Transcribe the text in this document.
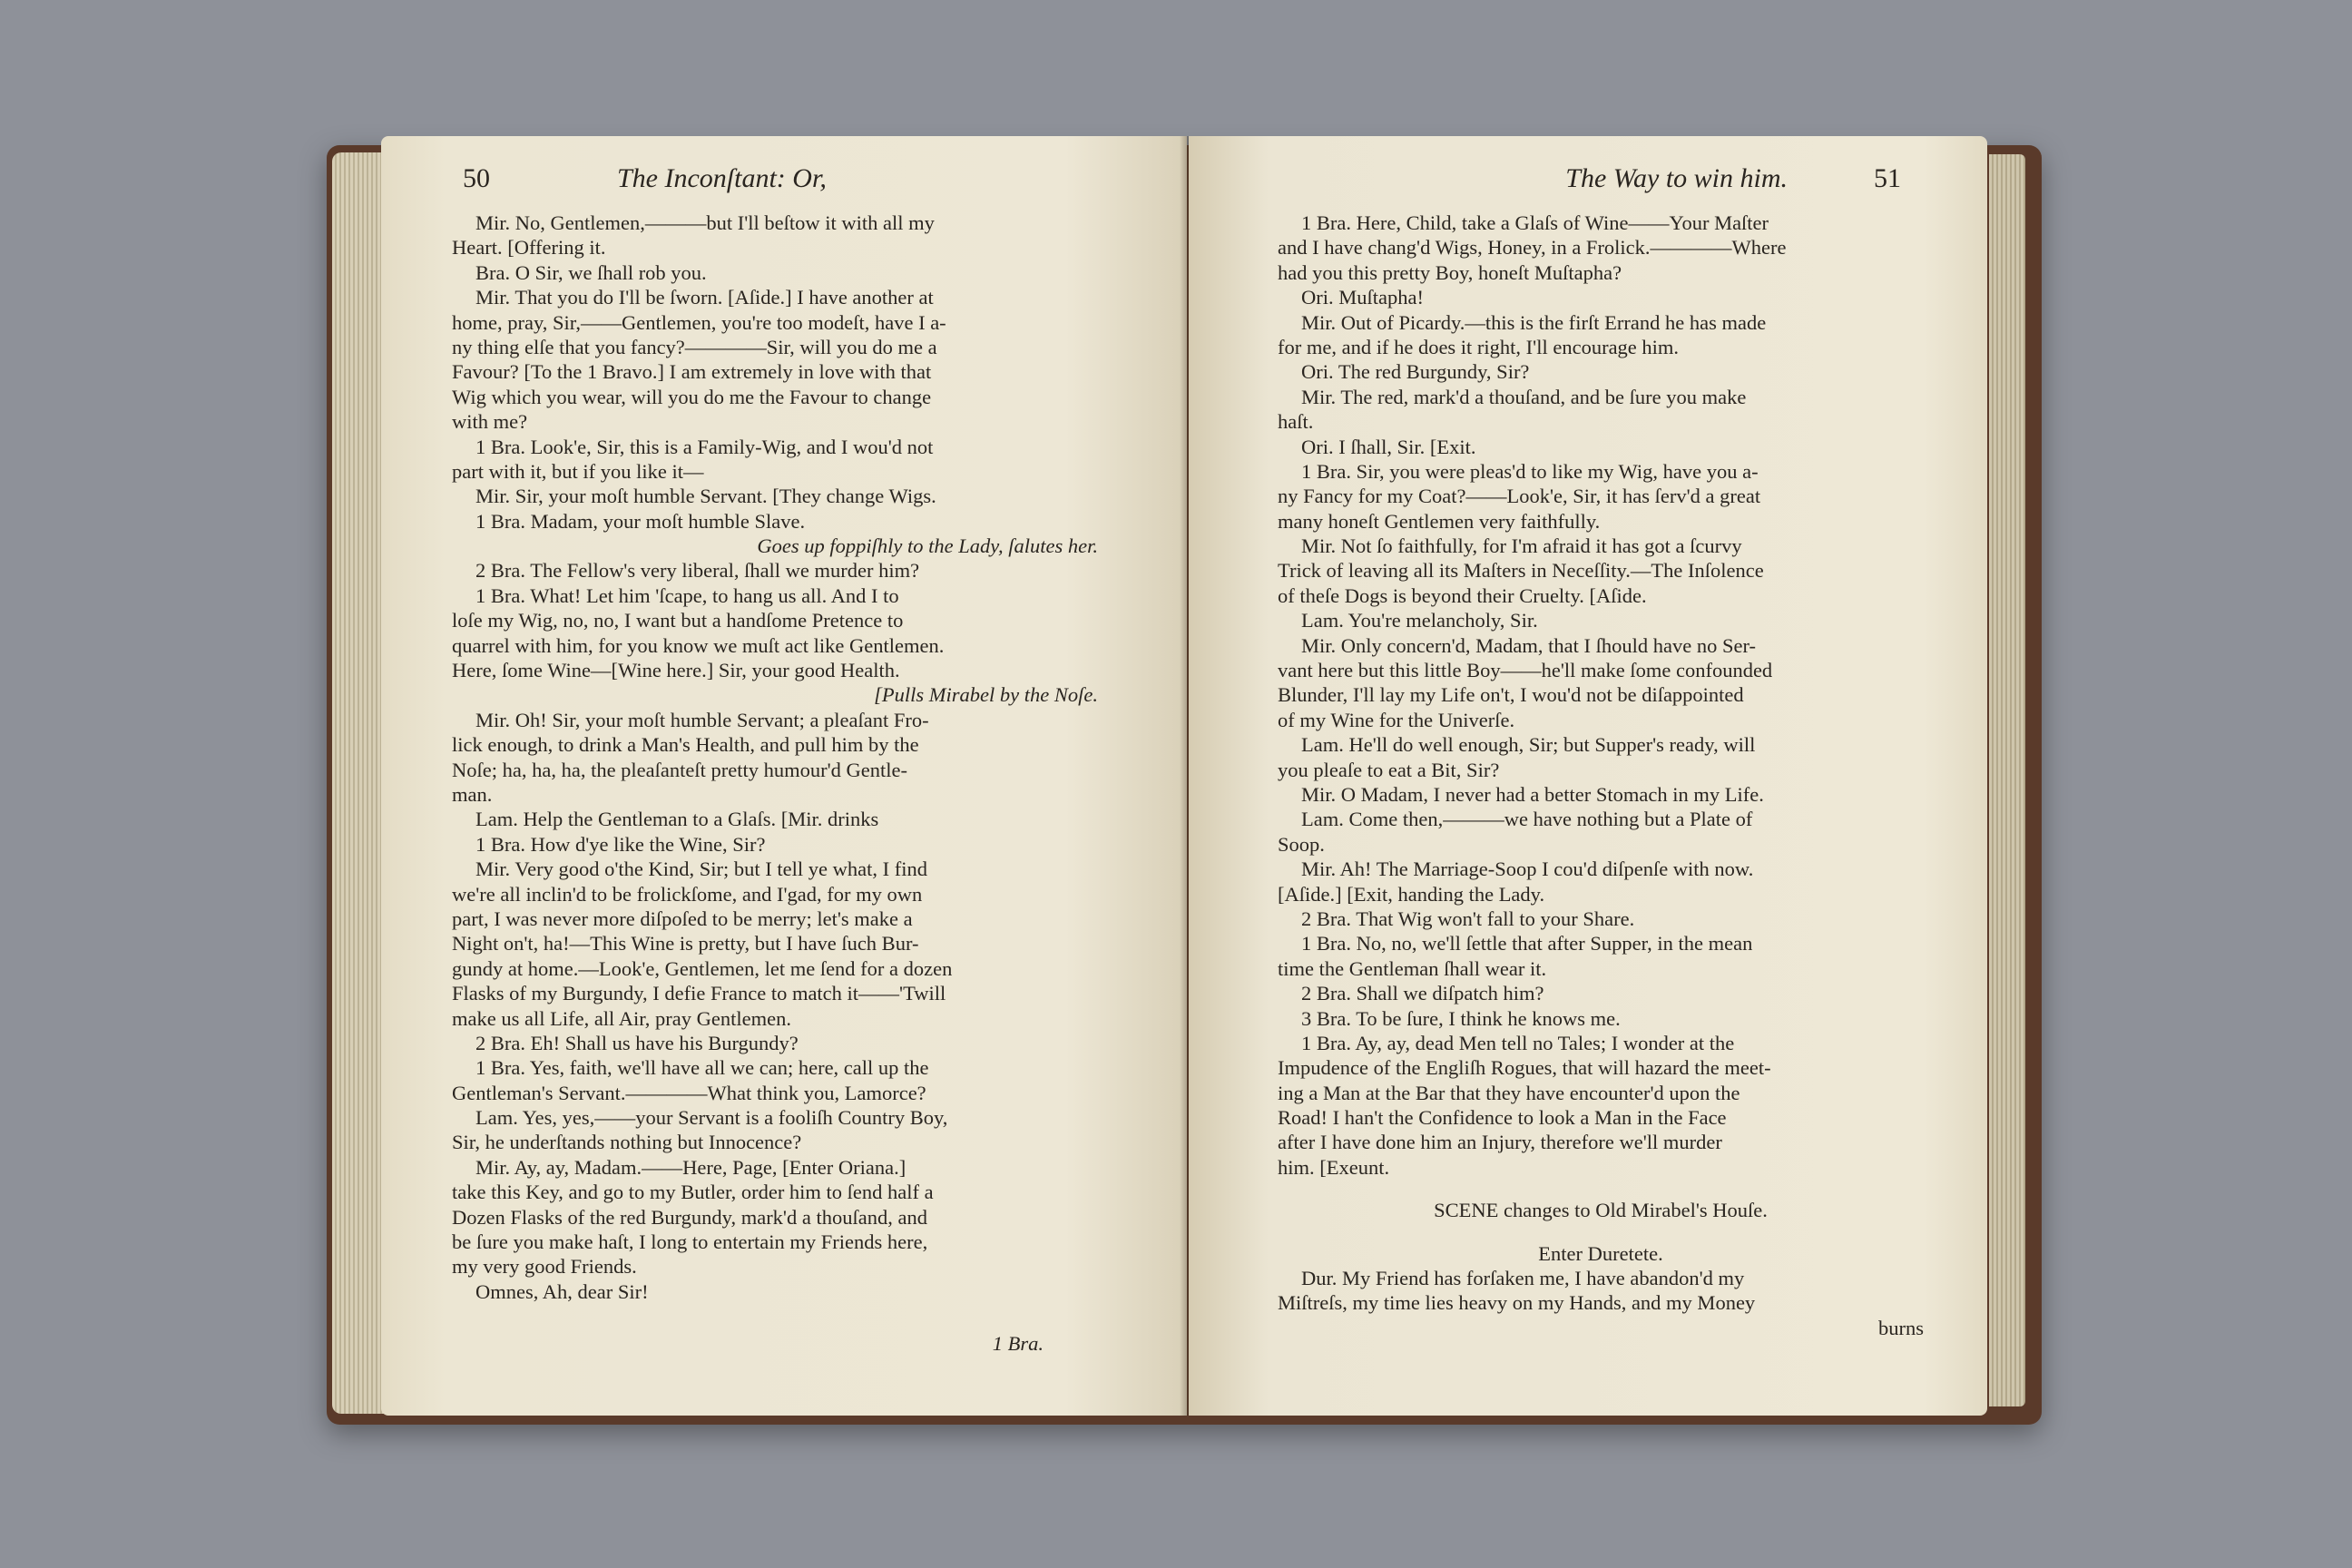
50	The Inconſtant: Or,
Mir. No, Gentlemen,———but I'll beſtow it with all my
Heart. [Offering it.
Bra. O Sir, we ſhall rob you.
Mir. That you do I'll be ſworn. [Aſide.] I have another at
home, pray, Sir,——Gentlemen, you're too modeſt, have I a-
ny thing elſe that you fancy?————Sir, will you do me a
Favour? [To the 1 Bravo.] I am extremely in love with that
Wig which you wear, will you do me the Favour to change
with me?
1 Bra. Look'e, Sir, this is a Family-Wig, and I wou'd not
part with it, but if you like it—
Mir. Sir, your moſt humble Servant. [They change Wigs.
1 Bra. Madam, your moſt humble Slave.
Goes up foppiſhly to the Lady, ſalutes her.
2 Bra. The Fellow's very liberal, ſhall we murder him?
1 Bra. What! Let him 'ſcape, to hang us all. And I to
loſe my Wig, no, no, I want but a handſome Pretence to
quarrel with him, for you know we muſt act like Gentlemen.
Here, ſome Wine—[Wine here.] Sir, your good Health.
[Pulls Mirabel by the Noſe.
Mir. Oh! Sir, your moſt humble Servant; a pleaſant Fro-
lick enough, to drink a Man's Health, and pull him by the
Noſe; ha, ha, ha, the pleaſanteſt pretty humour'd Gentle-
man.
Lam. Help the Gentleman to a Glaſs. [Mir. drinks
1 Bra. How d'ye like the Wine, Sir?
Mir. Very good o'the Kind, Sir; but I tell ye what, I find
we're all inclin'd to be frolickſome, and I'gad, for my own
part, I was never more diſpoſed to be merry; let's make a
Night on't, ha!—This Wine is pretty, but I have ſuch Bur-
gundy at home.—Look'e, Gentlemen, let me ſend for a dozen
Flasks of my Burgundy, I defie France to match it——'Twill
make us all Life, all Air, pray Gentlemen.
2 Bra. Eh! Shall us have his Burgundy?
1 Bra. Yes, faith, we'll have all we can; here, call up the
Gentleman's Servant.————What think you, Lamorce?
Lam. Yes, yes,——your Servant is a fooliſh Country Boy,
Sir, he underſtands nothing but Innocence?
Mir. Ay, ay, Madam.——Here, Page, [Enter Oriana.]
take this Key, and go to my Butler, order him to ſend half a
Dozen Flasks of the red Burgundy, mark'd a thouſand, and
be ſure you make haſt, I long to entertain my Friends here,
my very good Friends.
Omnes, Ah, dear Sir!
1 Bra.
The Way to win him.	51
1 Bra. Here, Child, take a Glaſs of Wine——Your Maſter
and I have chang'd Wigs, Honey, in a Frolick.————Where
had you this pretty Boy, honeſt Muſtapha?
Ori. Muſtapha!
Mir. Out of Picardy.—this is the firſt Errand he has made
for me, and if he does it right, I'll encourage him.
Ori. The red Burgundy, Sir?
Mir. The red, mark'd a thouſand, and be ſure you make
haſt.
Ori. I ſhall, Sir. [Exit.
1 Bra. Sir, you were pleas'd to like my Wig, have you a-
ny Fancy for my Coat?——Look'e, Sir, it has ſerv'd a great
many honeſt Gentlemen very faithfully.
Mir. Not ſo faithfully, for I'm afraid it has got a ſcurvy
Trick of leaving all its Maſters in Neceſſity.—The Inſolence
of theſe Dogs is beyond their Cruelty. [Aſide.
Lam. You're melancholy, Sir.
Mir. Only concern'd, Madam, that I ſhould have no Ser-
vant here but this little Boy——he'll make ſome confounded
Blunder, I'll lay my Life on't, I wou'd not be diſappointed
of my Wine for the Univerſe.
Lam. He'll do well enough, Sir; but Supper's ready, will
you pleaſe to eat a Bit, Sir?
Mir. O Madam, I never had a better Stomach in my Life.
Lam. Come then,———we have nothing but a Plate of
Soop.
Mir. Ah! The Marriage-Soop I cou'd diſpenſe with now.
[Aſide.] [Exit, handing the Lady.
2 Bra. That Wig won't fall to your Share.
1 Bra. No, no, we'll ſettle that after Supper, in the mean
time the Gentleman ſhall wear it.
2 Bra. Shall we diſpatch him?
3 Bra. To be ſure, I think he knows me.
1 Bra. Ay, ay, dead Men tell no Tales; I wonder at the
Impudence of the Engliſh Rogues, that will hazard the meet-
ing a Man at the Bar that they have encounter'd upon the
Road! I han't the Confidence to look a Man in the Face
after I have done him an Injury, therefore we'll murder
him. [Exeunt.
SCENE changes to Old Mirabel's Houſe.
Enter Duretete.
Dur. My Friend has forſaken me, I have abandon'd my
Miſtreſs, my time lies heavy on my Hands, and my Money
burns
